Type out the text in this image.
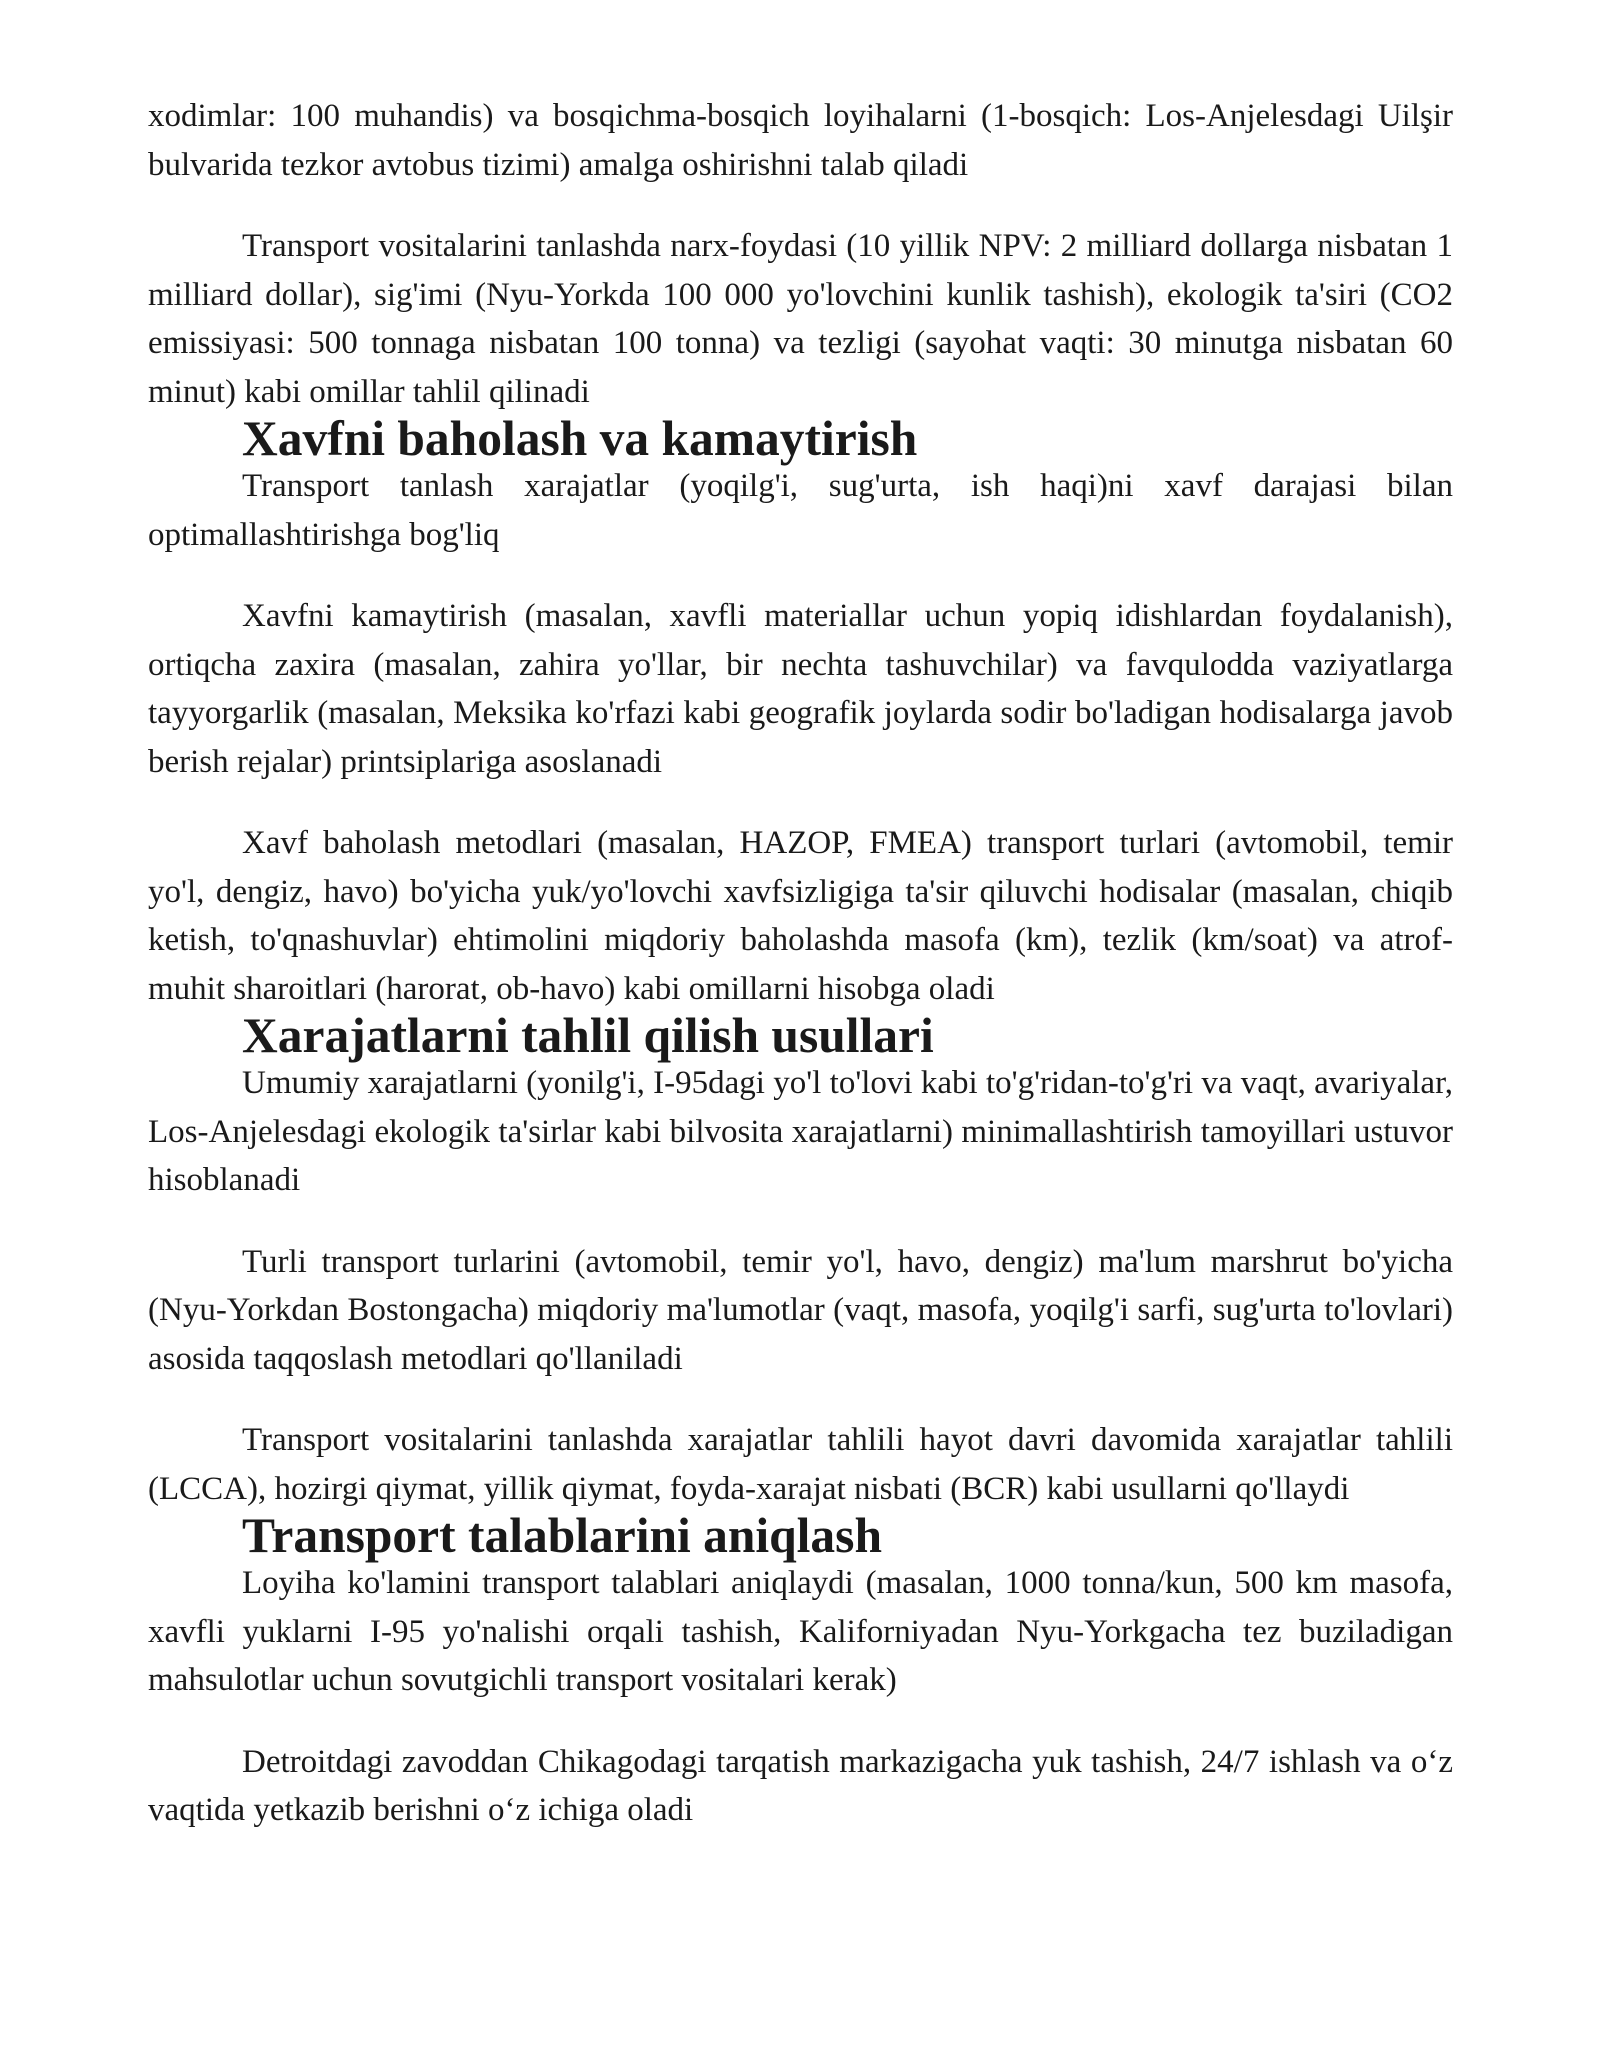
xodimlar: 100 muhandis) va bosqichma-bosqich loyihalarni (1-bosqich: Los-Anjelesdagi Uilşir bulvarida tezkor avtobus tizimi) amalga oshirishni talab qiladi

Transport vositalarini tanlashda narx-foydasi (10 yillik NPV: 2 milliard dollarga nisbatan 1 milliard dollar), sig'imi (Nyu-Yorkda 100 000 yo'lovchini kunlik tashish), ekologik ta'siri (CO2 emissiyasi: 500 tonnaga nisbatan 100 tonna) va tezligi (sayohat vaqti: 30 minutga nisbatan 60 minut) kabi omillar tahlil qilinadi

Xavfni baholash va kamaytirish

Transport tanlash xarajatlar (yoqilg'i, sug'urta, ish haqi)ni xavf darajasi bilan optimallashtirishga bog'liq

Xavfni kamaytirish (masalan, xavfli materiallar uchun yopiq idishlardan foydalanish), ortiqcha zaxira (masalan, zahira yo'llar, bir nechta tashuvchilar) va favqulodda vaziyatlarga tayyorgarlik (masalan, Meksika ko'rfazi kabi geografik joylarda sodir bo'ladigan hodisalarga javob berish rejalar) printsiplariga asoslanadi

Xavf baholash metodlari (masalan, HAZOP, FMEA) transport turlari (avtomobil, temir yo'l, dengiz, havo) bo'yicha yuk/yo'lovchi xavfsizligiga ta'sir qiluvchi hodisalar (masalan, chiqib ketish, to'qnashuvlar) ehtimolini miqdoriy baholashda masofa (km), tezlik (km/soat) va atrof-muhit sharoitlari (harorat, ob-havo) kabi omillarni hisobga oladi

Xarajatlarni tahlil qilish usullari

Umumiy xarajatlarni (yonilg'i, I-95dagi yo'l to'lovi kabi to'g'ridan-to'g'ri va vaqt, avariyalar, Los-Anjelesdagi ekologik ta'sirlar kabi bilvosita xarajatlarni) minimallashtirish tamoyillari ustuvor hisoblanadi

Turli transport turlarini (avtomobil, temir yo'l, havo, dengiz) ma'lum marshrut bo'yicha (Nyu-Yorkdan Bostongacha) miqdoriy ma'lumotlar (vaqt, masofa, yoqilg'i sarfi, sug'urta to'lovlari) asosida taqqoslash metodlari qo'llaniladi

Transport vositalarini tanlashda xarajatlar tahlili hayot davri davomida xarajatlar tahlili (LCCA), hozirgi qiymat, yillik qiymat, foyda-xarajat nisbati (BCR) kabi usullarni qo'llaydi

Transport talablarini aniqlash

Loyiha ko'lamini transport talablari aniqlaydi (masalan, 1000 tonna/kun, 500 km masofa, xavfli yuklarni I-95 yo'nalishi orqali tashish, Kaliforniyadan Nyu-Yorkgacha tez buziladigan mahsulotlar uchun sovutgichli transport vositalari kerak)

Detroitdagi zavoddan Chikagodagi tarqatish markazigacha yuk tashish, 24/7 ishlash va oʻz vaqtida yetkazib berishni oʻz ichiga oladi
